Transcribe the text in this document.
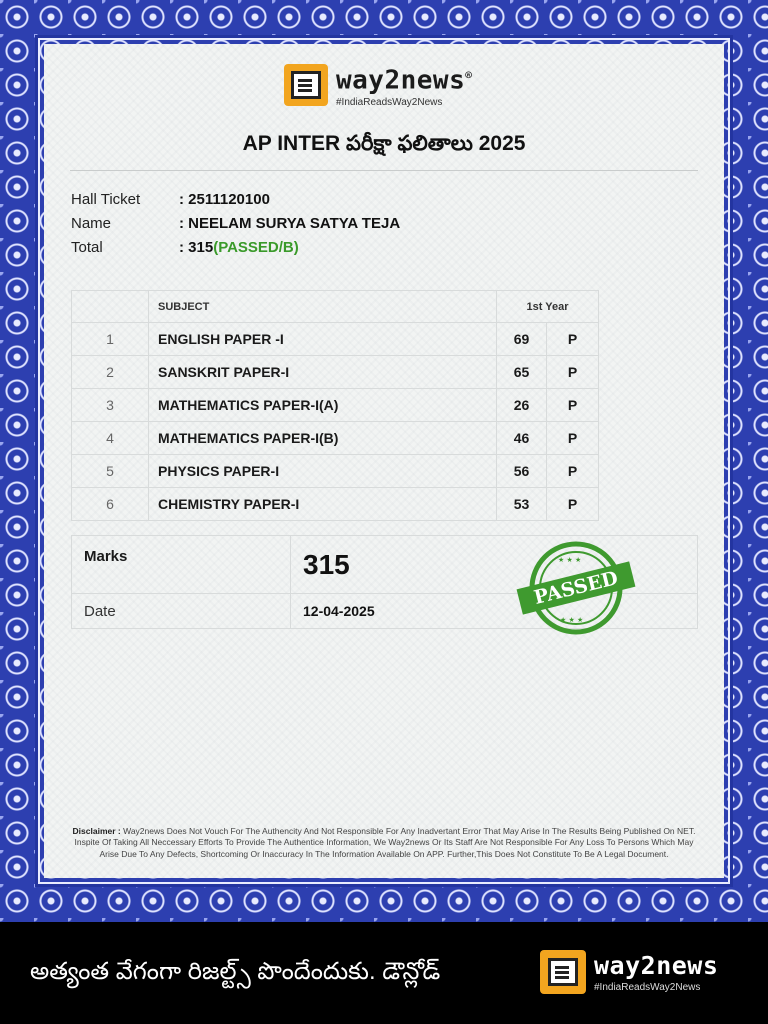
way2news®
#IndiaReadsWay2News
AP INTER పరీక్షా ఫలితాలు 2025
Hall Ticket	: 2511120100
Name	: NEELAM SURYA SATYA TEJA
Total	: 315 (PASSED/B)
	SUBJECT	1st Year	
1	ENGLISH PAPER -I	69	P
2	SANSKRIT PAPER-I	65	P
3	MATHEMATICS PAPER-I(A)	26	P
4	MATHEMATICS PAPER-I(B)	46	P
5	PHYSICS PAPER-I	56	P
6	CHEMISTRY PAPER-I	53	P
Marks	315
Date	12-04-2025
★ ★ ★
★ ★ ★
PASSED
Disclaimer : Way2news Does Not Vouch For The Authencity And Not Responsible For Any Inadvertant Error That May Arise In The Results Being Published On NET. Inspite Of Taking All Neccessary Efforts To Provide The Authentice Information, We Way2news Or Its Staff Are Not Responsible For Any Loss To Persons Which May Arise Due To Any Defects, Shortcoming Or Inaccuracy In The Information Available On APP. Further,This Does Not Constitute To Be A Legal Document.
అత్యంత వేగంగా రిజల్ట్స్ పొందేందుకు. డౌన్లోడ్	way2news
#IndiaReadsWay2News
